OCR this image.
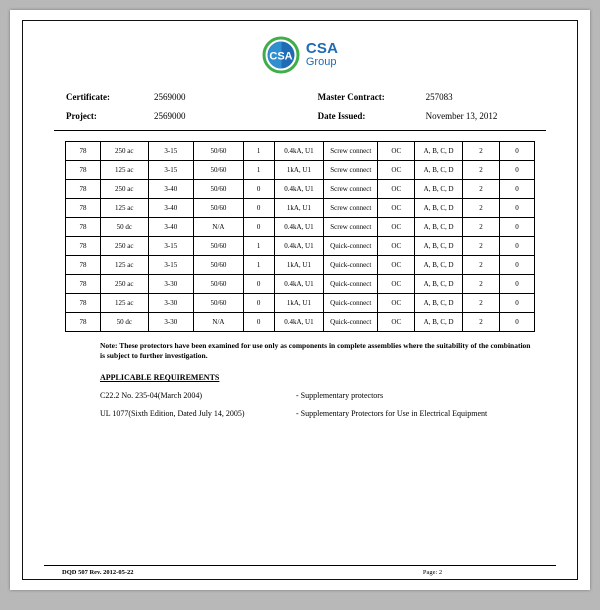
CSA CSA
Group
Certificate:	2569000	Master Contract:	257083
Project:	2569000	Date Issued:	November 13, 2012
78	250 ac	3-15	50/60	1	0.4kA, U1	Screw connect	OC	A, B, C, D	2	0
78	125 ac	3-15	50/60	1	1kA, U1	Screw connect	OC	A, B, C, D	2	0
78	250 ac	3-40	50/60	0	0.4kA, U1	Screw connect	OC	A, B, C, D	2	0
78	125 ac	3-40	50/60	0	1kA, U1	Screw connect	OC	A, B, C, D	2	0
78	50 dc	3-40	N/A	0	0.4kA, U1	Screw connect	OC	A, B, C, D	2	0
78	250 ac	3-15	50/60	1	0.4kA, U1	Quick-connect	OC	A, B, C, D	2	0
78	125 ac	3-15	50/60	1	1kA, U1	Quick-connect	OC	A, B, C, D	2	0
78	250 ac	3-30	50/60	0	0.4kA, U1	Quick-connect	OC	A, B, C, D	2	0
78	125 ac	3-30	50/60	0	1kA, U1	Quick-connect	OC	A, B, C, D	2	0
78	50 dc	3-30	N/A	0	0.4kA, U1	Quick-connect	OC	A, B, C, D	2	0
Note: These protectors have been examined for use only as components in complete assemblies where the suitability of the combination is subject to further investigation.
APPLICABLE REQUIREMENTS
C22.2 No. 235-04(March 2004)	- Supplementary protectors
UL 1077(Sixth Edition, Dated July 14, 2005)	- Supplementary Protectors for Use in Electrical Equipment
DQD 507 Rev. 2012-05-22	Page: 2
